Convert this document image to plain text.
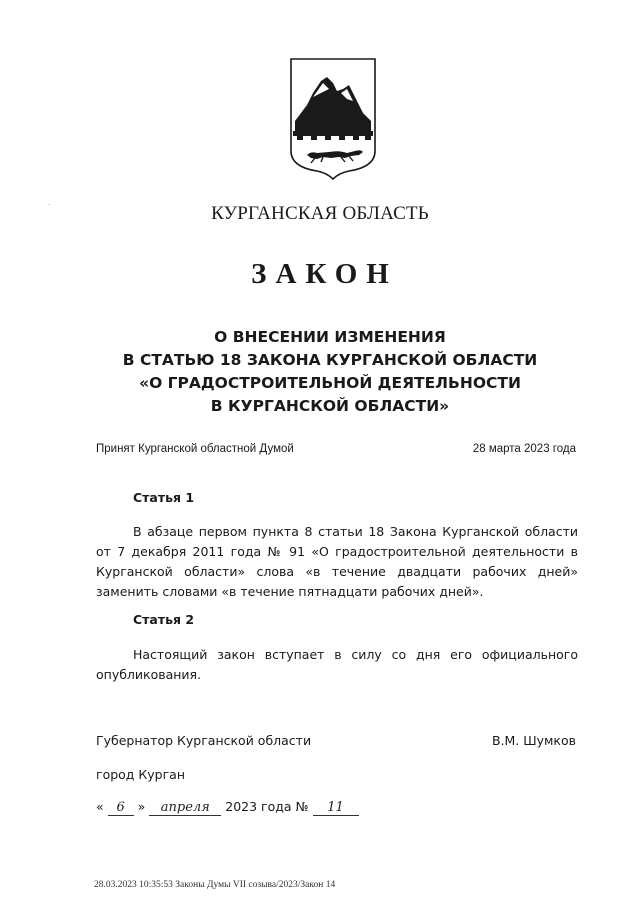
КУРГАНСКАЯ ОБЛАСТЬ
ЗАКОН
О ВНЕСЕНИИ ИЗМЕНЕНИЯ
В СТАТЬЮ 18 ЗАКОНА КУРГАНСКОЙ ОБЛАСТИ
«О ГРАДОСТРОИТЕЛЬНОЙ ДЕЯТЕЛЬНОСТИ
В КУРГАНСКОЙ ОБЛАСТИ»
Принят Курганской областной Думой	28 марта 2023 года
Статья 1
В абзаце первом пункта 8 статьи 18 Закона Курганской области от 7 декабря 2011 года № 91 «О градостроительной деятельности в Курганской области» слова «в течение двадцати рабочих дней» заменить словами «в течение пятнадцати рабочих дней».
Статья 2
Настоящий закон вступает в силу со дня его официального опубликования.
Губернатор Курганской области	В.М. Шумков
город Курган
« 6 » апреля 2023 года № 11
28.03.2023 10:35:53 Законы Думы VII созыва/2023/Закон 14
